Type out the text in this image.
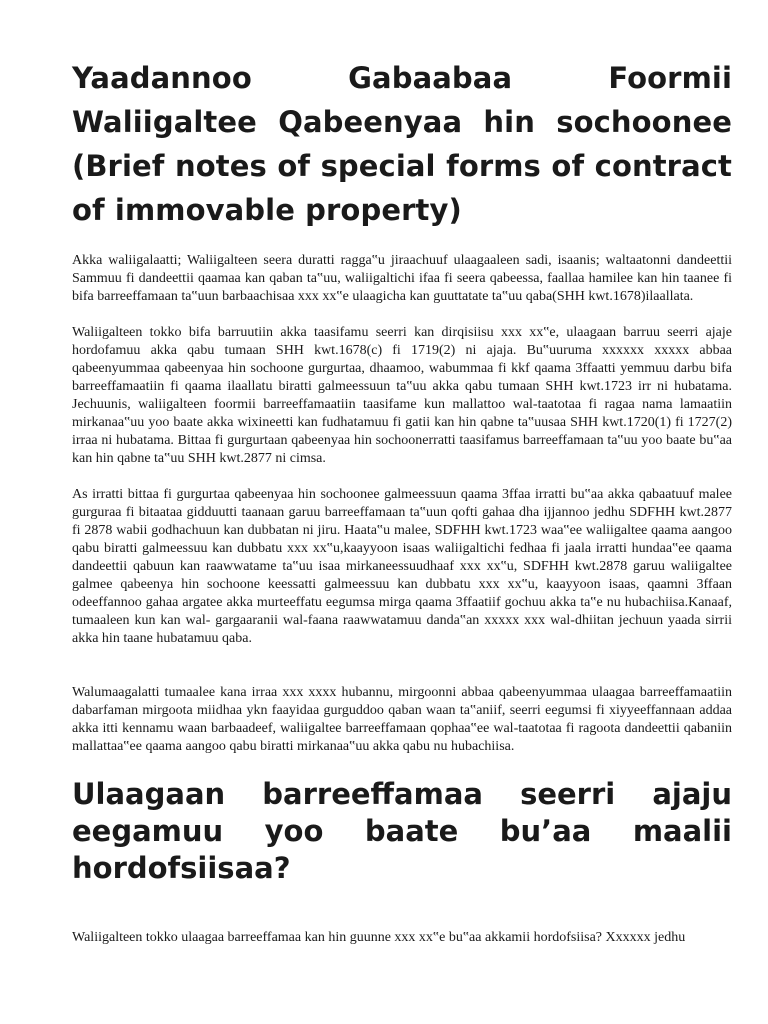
Yaadannoo Gabaabaa Foormii Waliigaltee Qabeenyaa hin sochoonee (Brief notes of special forms of contract of immovable property)

Akka waliigalaatti; Waliigalteen seera duratti ragga‟u jiraachuuf ulaagaaleen sadi, isaanis; waltaatonni dandeettii Sammuu fi dandeettii qaamaa kan qaban ta‟uu, waliigaltichi ifaa fi seera qabeessa, faallaa hamilee kan hin taanee fi bifa barreeffamaan ta‟uun barbaachisaa xxx xx‟e ulaagicha kan guuttatate ta‟uu qaba(SHH kwt.1678)ilaallata.

Waliigalteen tokko bifa barruutiin akka taasifamu seerri kan dirqisiisu xxx xx‟e, ulaagaan barruu seerri ajaje hordofamuu akka qabu tumaan SHH kwt.1678(c) fi 1719(2) ni ajaja. Bu‟uuruma xxxxxx xxxxx abbaa qabeenyummaa qabeenyaa hin sochoone gurgurtaa, dhaamoo, wabummaa fi kkf qaama 3ffaatti yemmuu darbu bifa barreeffamaatiin fi qaama ilaallatu biratti galmeessuun ta‟uu akka qabu tumaan SHH kwt.1723 irr ni hubatama. Jechuunis, waliigalteen foormii barreeffamaatiin taasifame kun mallattoo wal-taatotaa fi ragaa nama lamaatiin mirkanaa‟uu yoo baate akka wixineetti kan fudhatamuu fi gatii kan hin qabne ta‟uusaa SHH kwt.1720(1) fi 1727(2) irraa ni hubatama. Bittaa fi gurgurtaan qabeenyaa hin sochoonerratti taasifamus barreeffamaan ta‟uu yoo baate bu‟aa kan hin qabne ta‟uu SHH kwt.2877 ni cimsa.

As irratti bittaa fi gurgurtaa qabeenyaa hin sochoonee galmeessuun qaama 3ffaa irratti bu‟aa akka qabaatuuf malee gurguraa fi bitaataa gidduutti taanaan garuu barreeffamaan ta‟uun qofti gahaa dha ijjannoo jedhu SDFHH kwt.2877 fi 2878 wabii godhachuun kan dubbatan ni jiru. Haata‟u malee, SDFHH kwt.1723 waa‟ee waliigaltee qaama aangoo qabu biratti galmeessuu kan dubbatu xxx xx‟u,kaayyoon isaas waliigaltichi fedhaa fi jaala irratti hundaa‟ee qaama dandeettii qabuun kan raawwatame ta‟uu isaa mirkaneessuudhaaf xxx xx‟u, SDFHH kwt.2878 garuu waliigaltee galmee qabeenya hin sochoone keessatti galmeessuu kan dubbatu xxx xx‟u, kaayyoon isaas, qaamni 3ffaan odeeffannoo gahaa argatee akka murteeffatu eegumsa mirga qaama 3ffaatiif gochuu akka ta‟e nu hubachiisa.Kanaaf, tumaaleen kun kan wal- gargaaranii wal-faana raawwatamuu danda‟an xxxxx xxx wal-dhiitan jechuun yaada sirrii akka hin taane hubatamuu qaba.

Walumaagalatti tumaalee kana irraa xxx xxxx hubannu, mirgoonni abbaa qabeenyummaa ulaagaa barreeffamaatiin dabarfaman mirgoota miidhaa ykn faayidaa gurguddoo qaban waan ta‟aniif, seerri eegumsi fi xiyyeeffannaan addaa akka itti kennamu waan barbaadeef, waliigaltee barreeffamaan qophaa‟ee wal-taatotaa fi ragoota dandeettii qabaniin mallattaa‟ee qaama aangoo qabu biratti mirkanaa‟uu akka qabu nu hubachiisa.

Ulaagaan barreeffamaa seerri ajaju eegamuu yoo baate bu’aa maalii hordofsiisaa?

Waliigalteen tokko ulaagaa barreeffamaa kan hin guunne xxx xx‟e bu‟aa akkamii hordofsiisa? Xxxxxx jedhu
